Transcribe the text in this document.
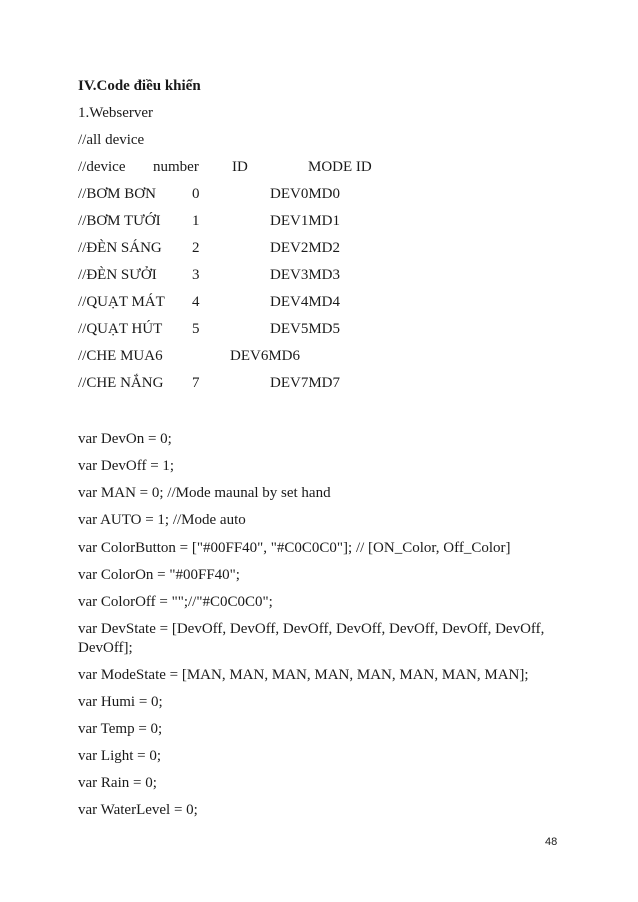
IV.Code điều khiển
1.Webserver
//all device
//device number ID	MODE ID
//BƠM BƠN 0	DEV0MD0
//BƠM TƯỚI 1	DEV1MD1
//ĐÈN SÁNG 2	DEV2MD2
//ĐÈN SƯỞI 3	DEV3MD3
//QUẠT MÁT 4	DEV4MD4
//QUẠT HÚT 5	DEV5MD5
//CHE MUA6	DEV6MD6
//CHE NẮNG 7	DEV7MD7
var DevOn = 0;
var DevOff = 1;
var MAN = 0; //Mode maunal by set hand
var AUTO = 1; //Mode auto
var ColorButton = ["#00FF40", "#C0C0C0"]; // [ON_Color, Off_Color]
var ColorOn = "#00FF40";
var ColorOff = "";//"#C0C0C0";
var DevState = [DevOff, DevOff, DevOff, DevOff, DevOff, DevOff, DevOff,
DevOff];
var ModeState = [MAN, MAN, MAN, MAN, MAN, MAN, MAN, MAN];
var Humi = 0;
var Temp = 0;
var Light = 0;
var Rain = 0;
var WaterLevel = 0;
48
